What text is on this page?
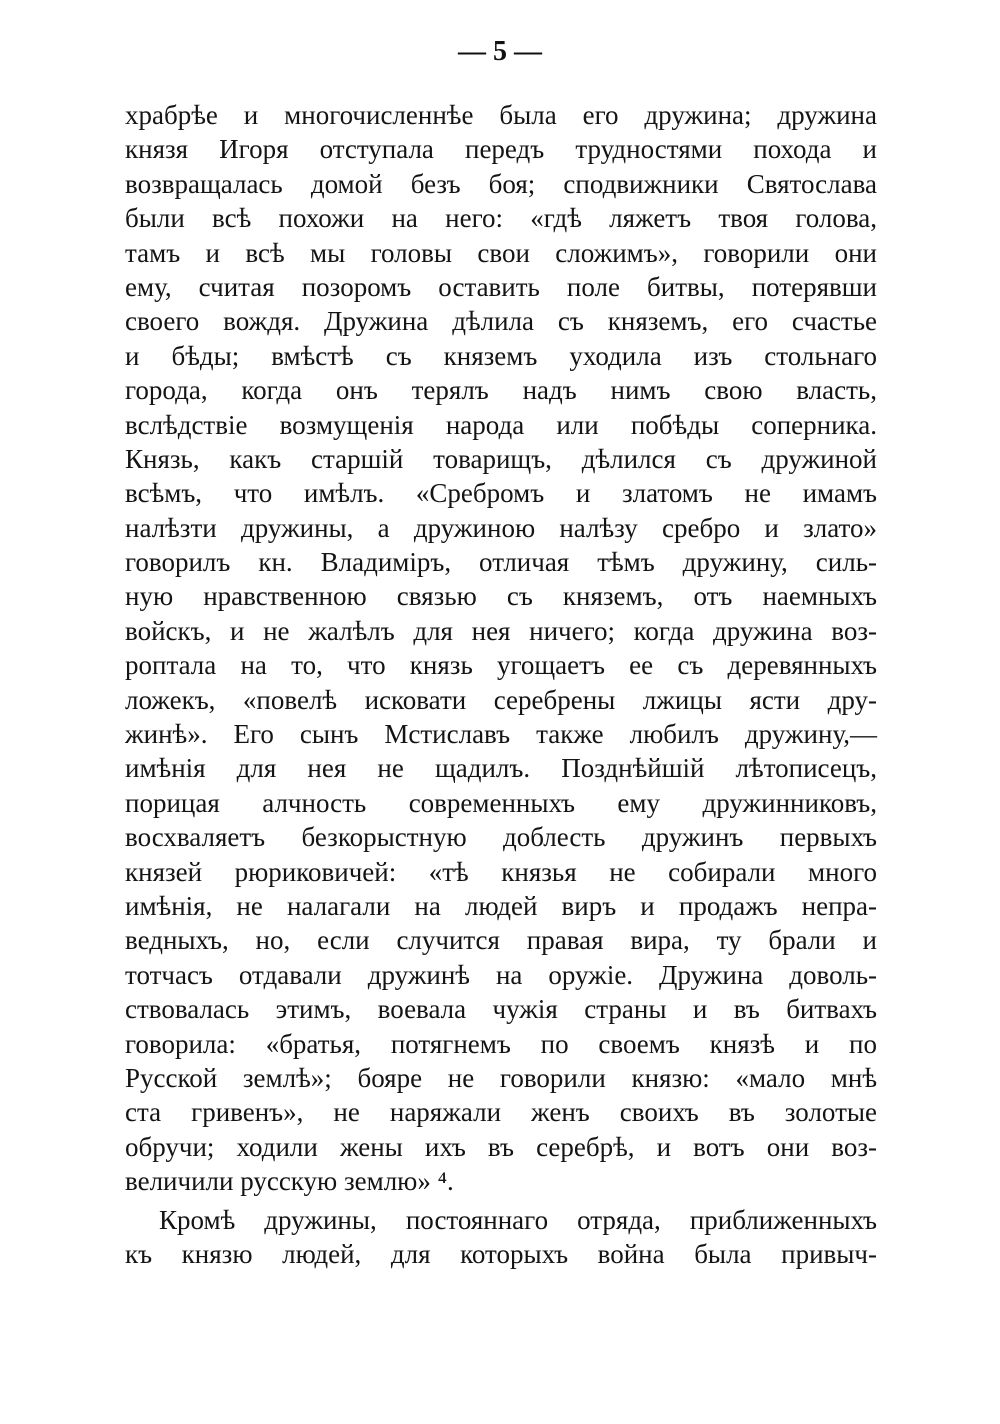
— 5 —
храбрѣе и многочисленнѣе была его дружина; дружина
князя Игоря отступала передъ трудностями похода и
возвращалась домой безъ боя; сподвижники Святослава
были всѣ похожи на него: «гдѣ ляжетъ твоя голова,
тамъ и всѣ мы головы свои сложимъ», говорили они
ему, считая позоромъ оставить поле битвы, потерявши
своего вождя. Дружина дѣлила съ княземъ, его счастье
и бѣды; вмѣстѣ съ княземъ уходила изъ стольнаго
города, когда онъ терялъ надъ нимъ свою власть,
вслѣдствіе возмущенія народа или побѣды соперника.
Князь, какъ старшій товарищъ, дѣлился съ дружиной
всѣмъ, что имѣлъ. «Сребромъ и златомъ не имамъ
налѣзти дружины, а дружиною налѣзу сребро и злато»
говорилъ кн. Владимiръ, отличая тѣмъ дружину, силь-
ную нравственною связью съ княземъ, отъ наемныхъ
войскъ, и не жалѣлъ для нея ничего; когда дружина воз-
роптала на то, что князь угощаетъ ее съ деревянныхъ
ложекъ, «повелѣ исковати серебрены лжицы ясти дру-
жинѣ». Его сынъ Мстиславъ также любилъ дружину,—
имѣнія для нея не щадилъ. Позднѣйшій лѣтописецъ,
порицая алчность современныхъ ему дружинниковъ,
восхваляетъ безкорыстную доблесть дружинъ первыхъ
князей рюриковичей: «тѣ князья не собирали много
имѣнія, не налагали на людей виръ и продажъ непра-
ведныхъ, но, если случится правая вира, ту брали и
тотчасъ отдавали дружинѣ на оружіе. Дружина доволь-
ствовалась этимъ, воевала чужія страны и въ битвахъ
говорила: «братья, потягнемъ по своемъ князѣ и по
Русской землѣ»; бояре не говорили князю: «мало мнѣ
ста гривенъ», не наряжали женъ своихъ въ золотые
обручи; ходили жены ихъ въ серебрѣ, и вотъ они воз-
величили русскую землю» ⁴.
Кромѣ дружины, постояннаго отряда, приближенныхъ
къ князю людей, для которыхъ война была привыч-
